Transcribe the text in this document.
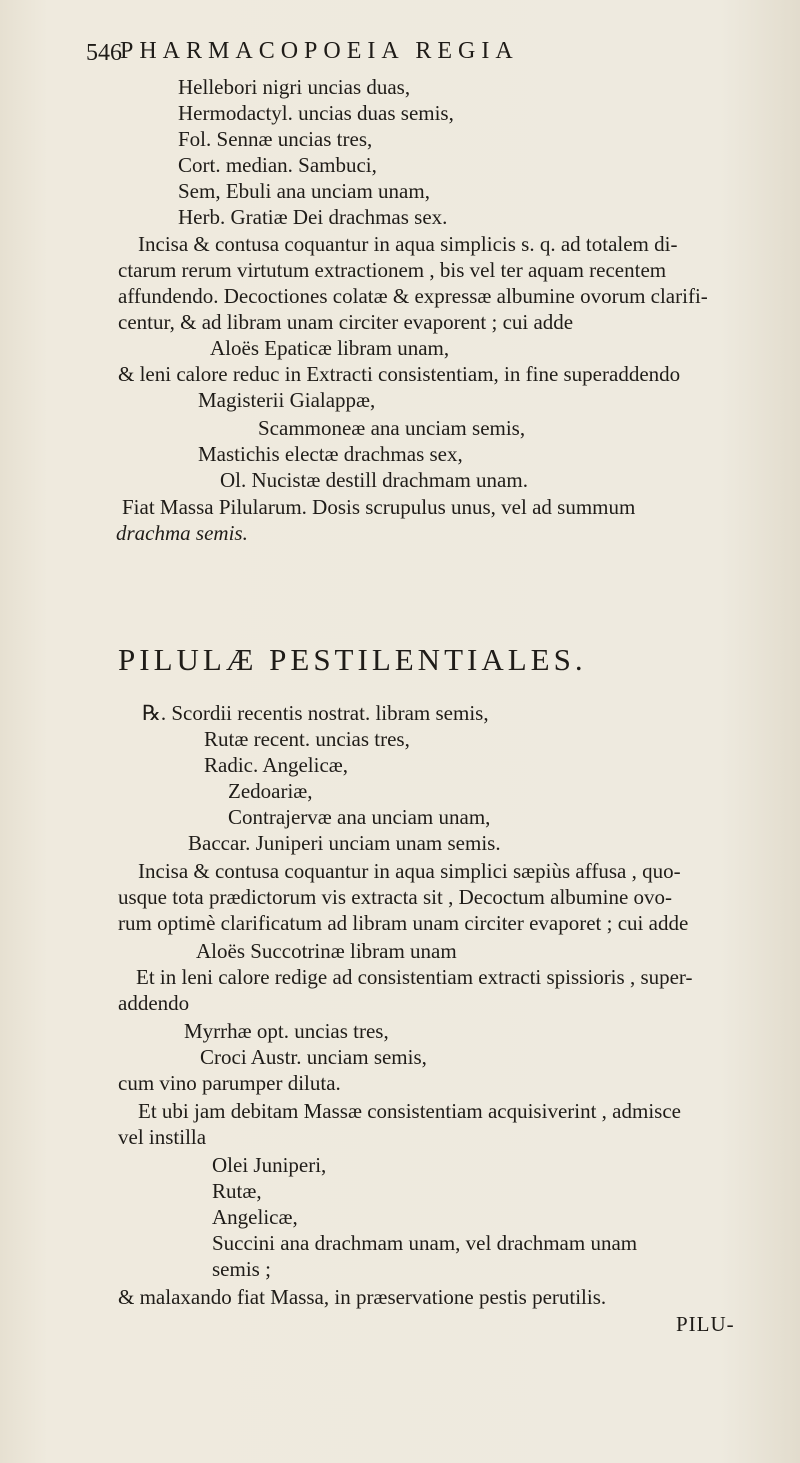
546
PHARMACOPOEIA REGIA
Hellebori nigri uncias duas,
Hermodactyl. uncias duas semis,
Fol. Sennæ uncias tres,
Cort. median. Sambuci,
Sem, Ebuli ana unciam unam,
Herb. Gratiæ Dei drachmas sex.
Incisa & contusa coquantur in aqua simplicis s. q. ad totalem di-
ctarum rerum virtutum extractionem , bis vel ter aquam recentem
affundendo. Decoctiones colatæ & expressæ albumine ovorum clarifi-
centur, & ad libram unam circiter evaporent ; cui adde
Aloës Epaticæ libram unam,
& leni calore reduc in Extracti consistentiam, in fine superaddendo
Magisterii Gialappæ,
Scammoneæ ana unciam semis,
Mastichis electæ drachmas sex,
Ol. Nucistæ destill drachmam unam.
Fiat Massa Pilularum. Dosis scrupulus unus, vel ad summum
drachma semis.
PILULÆ PESTILENTIALES.
℞. Scordii recentis nostrat. libram semis,
Rutæ recent. uncias tres,
Radic. Angelicæ,
Zedoariæ,
Contrajervæ ana unciam unam,
Baccar. Juniperi unciam unam semis.
Incisa & contusa coquantur in aqua simplici sæpiùs affusa , quo-
usque tota prædictorum vis extracta sit , Decoctum albumine ovo-
rum optimè clarificatum ad libram unam circiter evaporet ; cui adde
Aloës Succotrinæ libram unam
Et in leni calore redige ad consistentiam extracti spissioris , super-
addendo
Myrrhæ opt. uncias tres,
Croci Austr. unciam semis,
cum vino parumper diluta.
Et ubi jam debitam Massæ consistentiam acquisiverint , admisce
vel instilla
Olei Juniperi,
Rutæ,
Angelicæ,
Succini ana drachmam unam, vel drachmam unam
semis ;
& malaxando fiat Massa, in præservatione pestis perutilis.
PILU-
